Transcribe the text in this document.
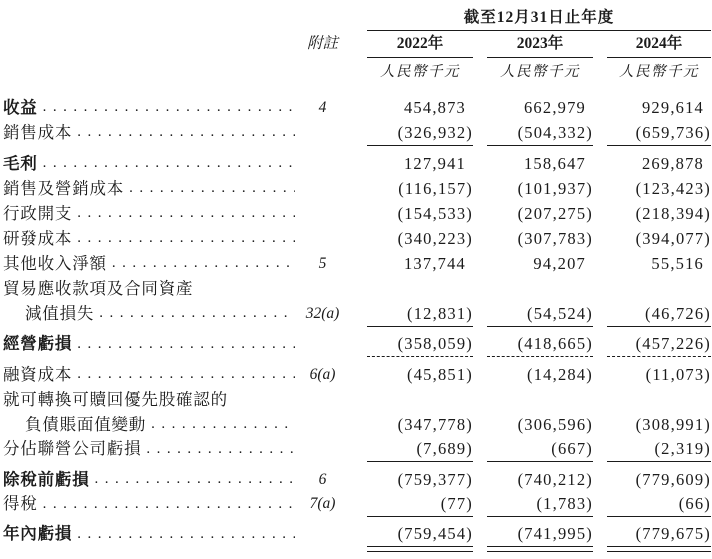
截至12月31日止年度
附註	2022年	2023年	2024年
人民幣千元	人民幣千元	人民幣千元
收益 .....	4	454,873	662,979	929,614
銷售成本 .....	(326,932)	(504,332)	(659,736)
毛利 .....	127,941	158,647	269,878
銷售及營銷成本 .....	(116,157)	(101,937)	(123,423)
行政開支 .....	(154,533)	(207,275)	(218,394)
研發成本 .....	(340,223)	(307,783)	(394,077)
其他收入淨額 .....	5	137,744	94,207	55,516
貿易應收款項及合同資產
減值損失 .....	32(a)	(12,831)	(54,524)	(46,726)
經營虧損 .....	(358,059)	(418,665)	(457,226)
融資成本 .....	6(a)	(45,851)	(14,284)	(11,073)
就可轉換可贖回優先股確認的
負債賬面值變動 .....	(347,778)	(306,596)	(308,991)
分佔聯營公司虧損 .....	(7,689)	(667)	(2,319)
除稅前虧損 .....	6	(759,377)	(740,212)	(779,609)
得稅 .....	7(a)	(77)	(1,783)	(66)
年內虧損 .....	(759,454)	(741,995)	(779,675)
